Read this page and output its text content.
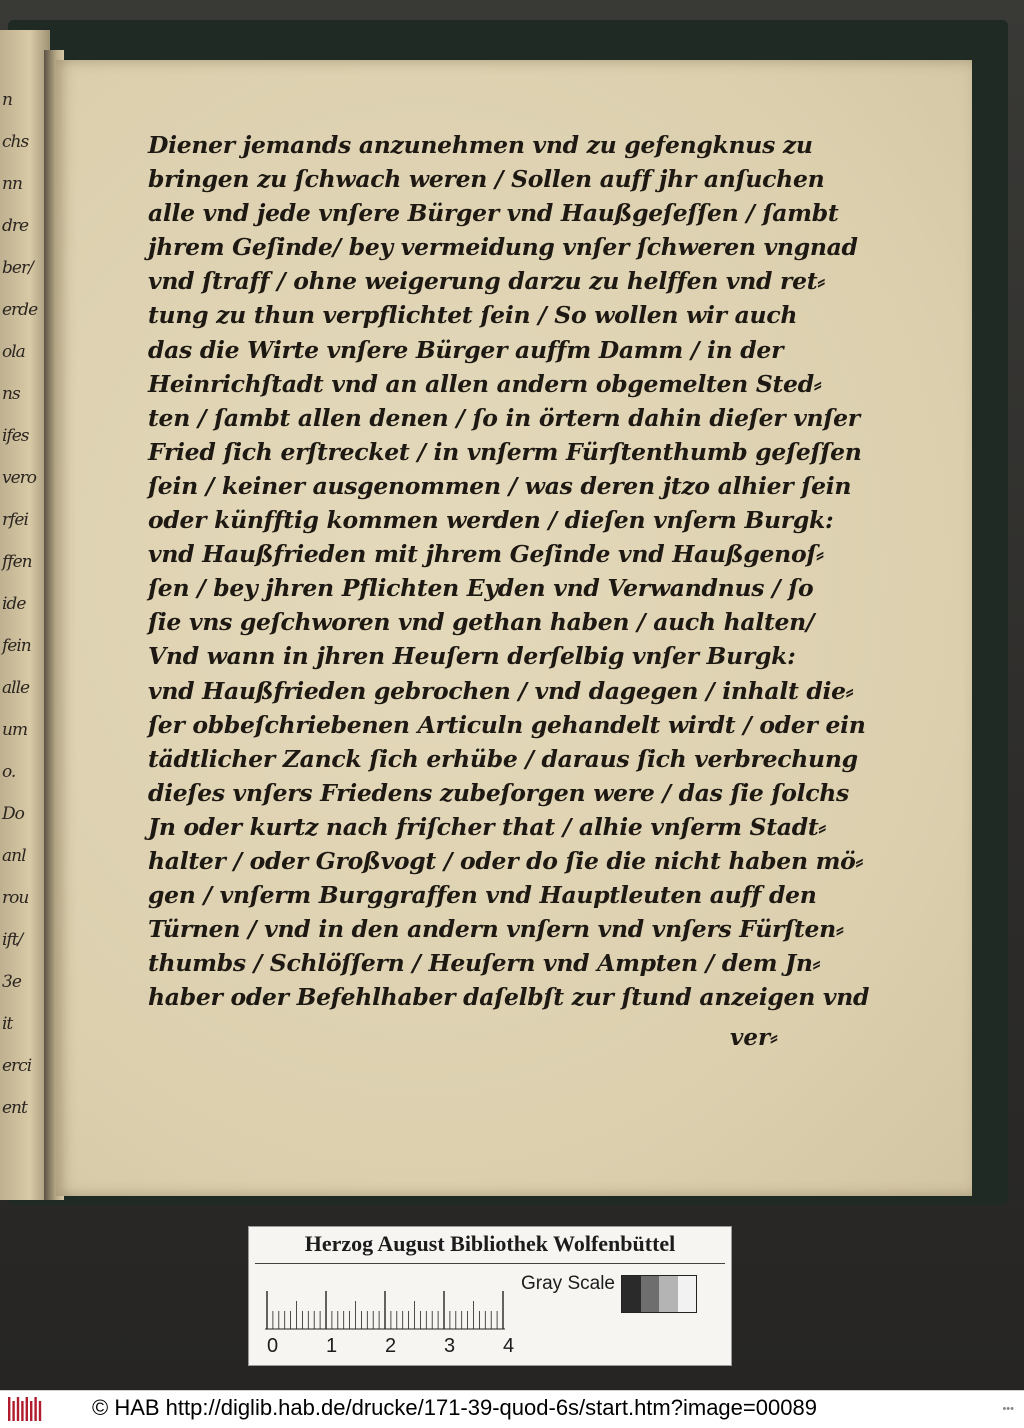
n
chs
nn
dre
ber/
erde
ola
ns
ifes
vero
rfei
ffen
ide
fein
alle
um
o.
Do
anl
rou
ift/
3e
it
erci
ent
Diener jemands anzunehmen vnd zu gefengknus zu
bringen zu ſchwach weren / Sollen auff jhr anſuchen
alle vnd jede vnſere Bürger vnd Haußgeſeſſen / ſambt
jhrem Geſinde/ bey vermeidung vnſer ſchweren vngnad
vnd ſtraff / ohne weigerung darzu zu helffen vnd ret⸗
tung zu thun verpflichtet ſein / So wollen wir auch
das die Wirte vnſere Bürger auffm Damm / in der
Heinrichſtadt vnd an allen andern obgemelten Sted⸗
ten / ſambt allen denen / ſo in örtern dahin dieſer vnſer
Fried ſich erſtrecket / in vnſerm Fürſtenthumb geſeſſen
ſein / keiner ausgenommen / was deren jtzo alhier ſein
oder künfftig kommen werden / dieſen vnſern Burgk:
vnd Haußfrieden mit jhrem Geſinde vnd Haußgenoſ⸗
ſen / bey jhren Pflichten Eyden vnd Verwandnus / ſo
ſie vns geſchworen vnd gethan haben / auch halten/
Vnd wann in jhren Heuſern derſelbig vnſer Burgk:
vnd Haußfrieden gebrochen / vnd dagegen / inhalt die⸗
ſer obbeſchriebenen Articuln gehandelt wirdt / oder ein
tädtlicher Zanck ſich erhübe / daraus ſich verbrechung
dieſes vnſers Friedens zubeſorgen were / das ſie ſolchs
Jn oder kurtz nach friſcher that / alhie vnſerm Stadt⸗
halter / oder Großvogt / oder do ſie die nicht haben mö⸗
gen / vnſerm Burggraffen vnd Hauptleuten auff den
Türnen / vnd in den andern vnſern vnd vnſers Fürſten⸗
thumbs / Schlöſſern / Heuſern vnd Ampten / dem Jn⸗
haber oder Befehlhaber daſelbſt zur ſtund anzeigen vnd
ver⸗
Herzog August Bibliothek Wolfenbüttel
0 1 2 3 4
Gray Scale
© HAB http://diglib.hab.de/drucke/171-39-quod-6s/start.htm?image=00089	•••
